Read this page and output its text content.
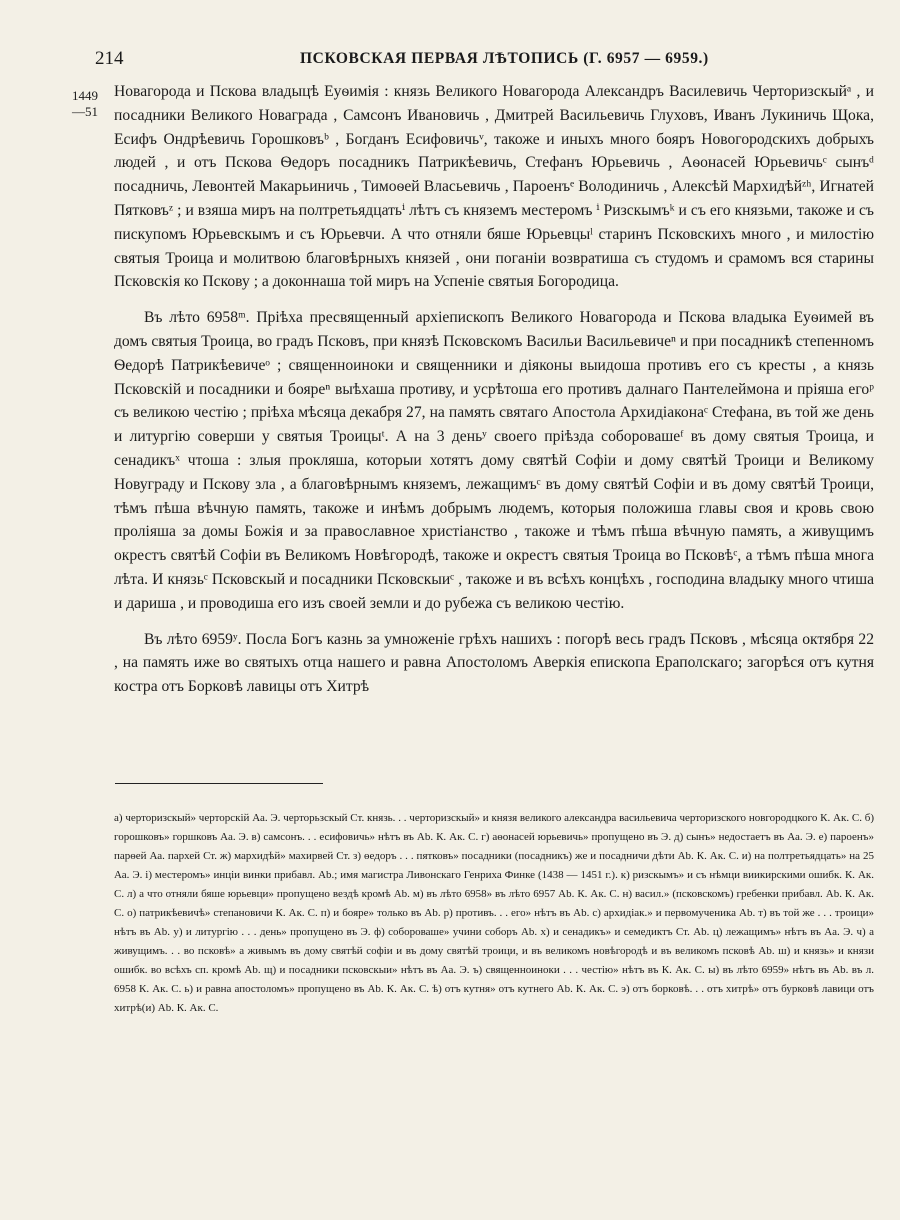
214	ПСКОВСКАЯ ПЕРВАЯ ЛѢТОПИСЬ (Г. 6957 — 6959.)
1449
—51

Новагорода и Пскова владыцѣ Еуѳимія : князь Великого Новагорода Александръ Василевичь Черторизскыйᵃ , и посадники Великого Новаграда , Самсонъ Ивановичь , Дмитрей Васильевичь Глуховъ, Иванъ Лукиничь Щока, Есифъ Ондрѣевичь Горошковъᵇ , Богданъ Есифовичьᵛ, такоже и иныхъ много бояръ Новогородскихъ добрыхъ людей , и отъ Пскова Ѳедоръ посадникъ Патрикѣевичь, Стефанъ Юрьевичь , Аѳонасей Юрьевичьᶜ сынъᵈ посадничь, Левонтей Макарьиничь , Тимоѳей Власьевичь , Пароенъᵉ Володиничь , Алексѣй Мархидѣйᶻʰ, Игнатей Пятковъᶻ ; и взяша миръ на полтретьядцатьⁱ лѣтъ съ княземъ местеромъ ⁱ Ризскымъᵏ и съ его князьми, такоже и съ пискупомъ Юрьевскымъ и съ Юрьевчи. А что отняли бяше Юрьевцыˡ старинъ Псковскихъ много , и милостію святыя Троица и молитвою благовѣрныхъ князей , они поганіи возвратиша съ студомъ и срамомъ вся старины Псковскія ко Пскову ; а доконнаша той миръ на Успеніе святыя Богородица.

Въ лѣто 6958ᵐ. Пріѣха пресвященный архіепископъ Великого Новагорода и Пскова владыка Еуѳимей въ домъ святыя Троица, во градъ Псковъ, при князѣ Псковскомъ Васильи Васильевичеⁿ и при посадникѣ степенномъ Ѳедорѣ Патрикѣевичеᵒ ; священноиноки и священники и діяконы выидоша противъ его съ кресты , а князь Псковскій и посадники и бояреⁿ выѣхаша противу, и усрѣтоша его противъ далнаго Пантелеймона и пріяша егоᵖ съ великою честію ; пріѣха мѣсяца декабря 27, на память святаго Апостола Архидіаконаᶜ Стефана, въ той же день и литургію соверши у святыя Троицыᵗ. А на 3 деньʸ своего пріѣзда соборовашеᶠ въ дому святыя Троица, и сенадикъˣ чтоша : злыя прокляша, которыи хотятъ дому святѣй Софіи и дому святѣй Троици и Великому Новуграду и Пскову зла , а благовѣрнымъ княземъ, лежащимъᶜ въ дому святѣй Софіи и въ дому святѣй Троици, тѣмъ пѣша вѣчную память, такоже и инѣмъ добрымъ людемъ, которыя положиша главы своя и кровь свою проліяша за домы Божія и за православное христіанство , такоже и тѣмъ пѣша вѣчную память, а живущимъ окрестъ святѣй Софіи въ Великомъ Новѣгородѣ, такоже и окрестъ святыя Троица во Псковѣᶜ, а тѣмъ пѣша многа лѣта. И князьᶜ Псковскый и посадники Псковскыиᶜ , такоже и въ всѣхъ концѣхъ , господина владыку много чтиша и дариша , и проводиша его изъ своей земли и до рубежа съ великою честію.

Въ лѣто 6959ʸ. Посла Богъ казнь за умноженіе грѣхъ нашихъ : погорѣ весь градъ Псковъ , мѣсяца октября 22 , на память иже во святыхъ отца нашего и равна Апостоломъ Аверкія епископа Ераполскаго; загорѣся отъ кутня костра отъ Борковѣ лавицы отъ Хитрѣ

а) черторизскый» черторскій Аа. Э. черторьзскый Ст. князь. . . черторизскый» и князя великого александра васильевича черторизского новгородцкого К. Ак. С. б) горошковъ» горшковъ Аа. Э. в) самсонъ. . . есифовичь» нѣтъ въ Аb. К. Ак. С. г) аѳонасей юрьевичь» пропущено въ Э. д) сынъ» недостаетъ въ Аа. Э. е) пароенъ» парѳей Аа. пархей Ст. ж) мархидѣй» махирвей Ст. з) ѳедоръ . . . пятковъ» посадники (посадникъ) же и посадничи дѣти Аb. К. Ак. С. и) на полтретьядцать» на 25 Аа. Э. і) местеромъ» инціи винки прибавл. Аb.; имя магистра Ливонскаго Генриха Финке (1438 — 1451 г.). к) ризскымъ» и съ нѣмци виикирскими ошибк. К. Ак. С. л) а что отняли бяше юрьевци» пропущено вездѣ кромѣ Аb. м) въ лѣто 6958» въ лѣто 6957 Аb. К. Ак. С. н) васил.» (псковскомъ) гребенки прибавл. Аb. К. Ак. С. о) патрикѣевичѣ» степановичи К. Ак. С. п) и бояре» только въ Аb. р) противъ. . . его» нѣтъ въ Аb. с) архидіак.» и первомученика Аb. т) въ той же . . . троици» нѣтъ въ Аb. у) и литургію . . . день» пропущено въ Э. ф) собороваше» учини соборъ Аb. х) и сенадикъ» и семедиктъ Ст. Аb. ц) лежащимъ» нѣтъ въ Аа. Э. ч) а живущимъ. . . во псковѣ» а живымъ въ дому святѣй софіи и въ дому святѣй троици, и въ великомъ новѣгородѣ и въ великомъ псковѣ Аb. ш) и князь» и князи ошибк. во всѣхъ сп. кромѣ Аb. щ) и посадники псковскыи» нѣтъ въ Аа. Э. ъ) священноиноки . . . честію» нѣтъ въ К. Ак. С. ы) въ лѣто 6959» нѣтъ въ Аb. въ л. 6958 К. Ак. С. ь) и равна апостоломъ» пропущено въ Аb. К. Ак. С. ѣ) отъ кутня» отъ кутнего Аb. К. Ак. С. э) отъ борковѣ. . . отъ хитрѣ» отъ бурковѣ лавици отъ хитрѣ(и) Аb. К. Ак. С.
